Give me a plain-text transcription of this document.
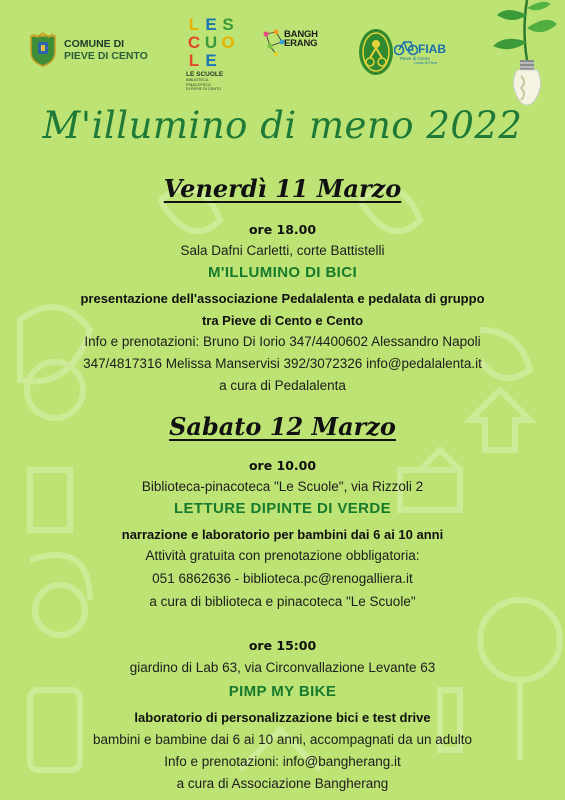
COMUNE DI
PIEVE DI CENTO
L E S
C U O
L E
LE SCUOLE
BIBLIOTECA
PINACOTECA
DI PIEVE DI CENTO
BANGH
ERANG	FIAB
Pieve di Cento
Cento di Pieve
M'illumino di meno 2022
Venerdì 11 Marzo
ore 18.00
Sala Dafni Carletti, corte Battistelli
M'ILLUMINO DI BICI
presentazione dell'associazione Pedalalenta e pedalata di gruppo
tra Pieve di Cento e Cento
Info e prenotazioni: Bruno Di Iorio 347/4400602 Alessandro Napoli
347/4817316 Melissa Manservisi 392/3072326 info@pedalalenta.it
a cura di Pedalalenta
Sabato 12 Marzo
ore 10.00
Biblioteca-pinacoteca "Le Scuole", via Rizzoli 2
LETTURE DIPINTE DI VERDE
narrazione e laboratorio per bambini dai 6 ai 10 anni
Attività gratuita con prenotazione obbligatoria:
051 6862636 - biblioteca.pc@renogalliera.it
a cura di biblioteca e pinacoteca "Le Scuole"
ore 15:00
giardino di Lab 63, via Circonvallazione Levante 63
PIMP MY BIKE
laboratorio di personalizzazione bici e test drive
bambini e bambine dai 6 ai 10 anni, accompagnati da un adulto
Info e prenotazioni: info@bangherang.it
a cura di Associazione Bangherang
